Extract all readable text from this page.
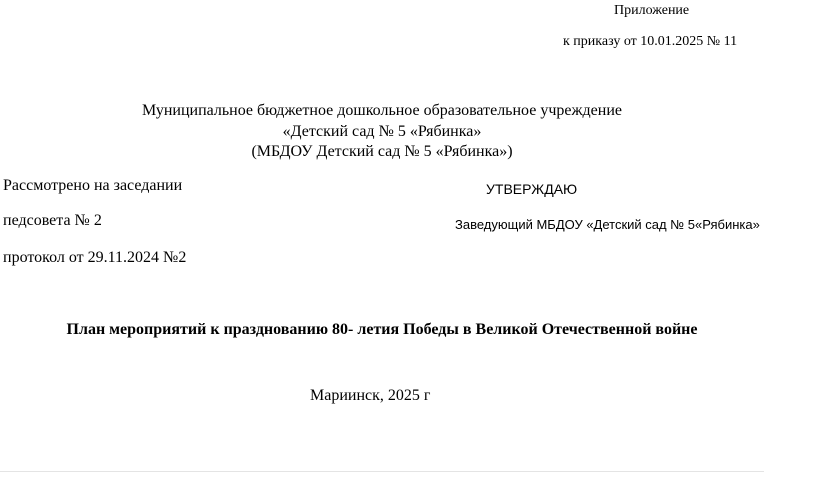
Приложение
к приказу от 10.01.2025 № 11
Муниципальное бюджетное дошкольное образовательное учреждение
«Детский сад № 5 «Рябинка»
(МБДОУ Детский сад № 5 «Рябинка»)
Рассмотрено на заседании
педсовета № 2
протокол от 29.11.2024 №2
УТВЕРЖДАЮ
Заведующий МБДОУ «Детский сад № 5«Рябинка»
План мероприятий к празднованию 80- летия Победы в Великой Отечественной войне
Мариинск, 2025 г
